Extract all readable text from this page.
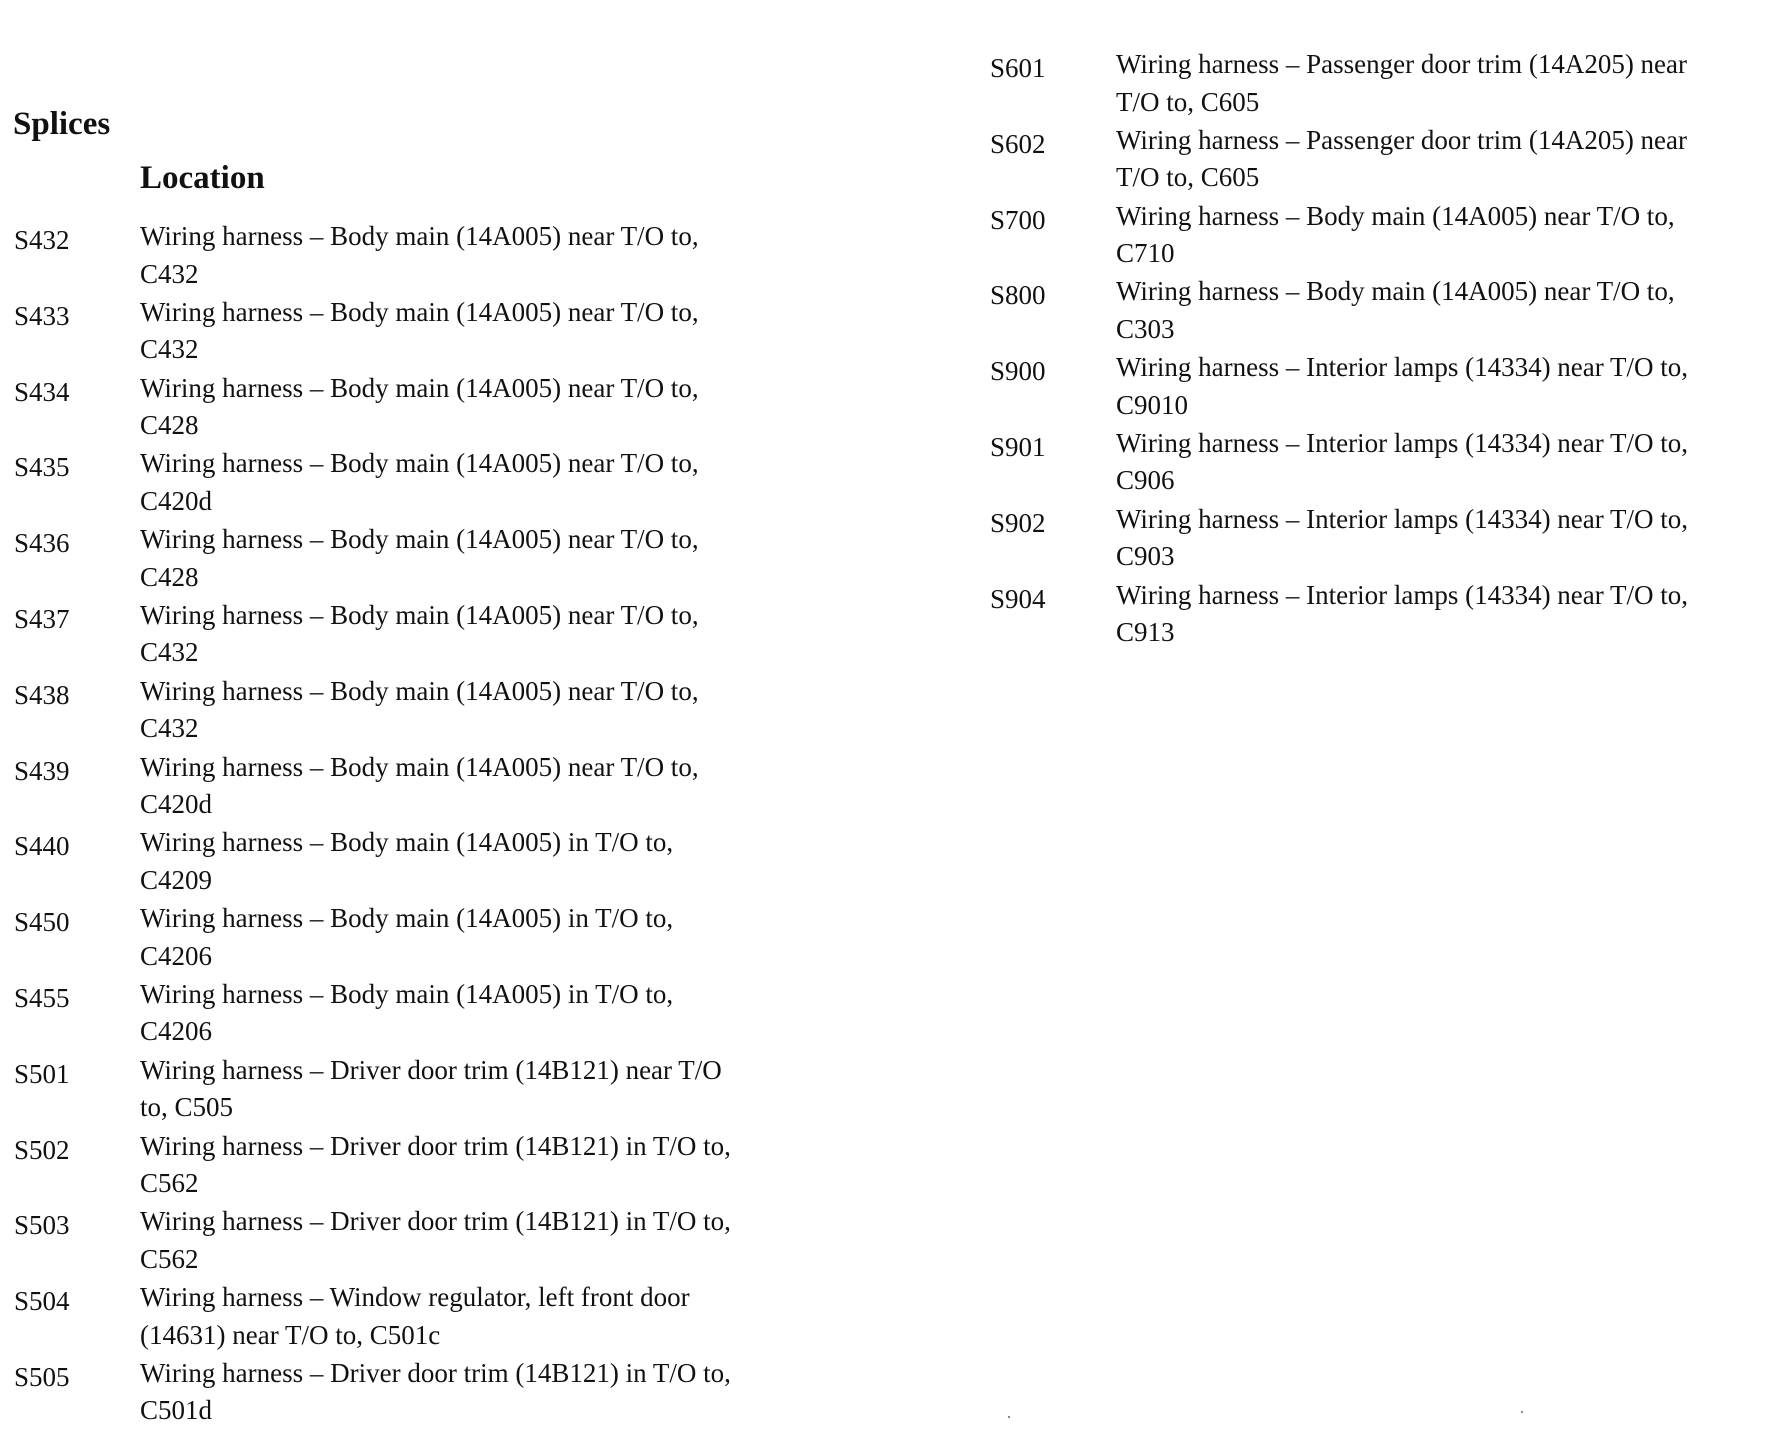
Splices
Location
S432	Wiring harness – Body main (14A005) near T/O to,
C432
S433	Wiring harness – Body main (14A005) near T/O to,
C432
S434	Wiring harness – Body main (14A005) near T/O to,
C428
S435	Wiring harness – Body main (14A005) near T/O to,
C420d
S436	Wiring harness – Body main (14A005) near T/O to,
C428
S437	Wiring harness – Body main (14A005) near T/O to,
C432
S438	Wiring harness – Body main (14A005) near T/O to,
C432
S439	Wiring harness – Body main (14A005) near T/O to,
C420d
S440	Wiring harness – Body main (14A005) in T/O to,
C4209
S450	Wiring harness – Body main (14A005) in T/O to,
C4206
S455	Wiring harness – Body main (14A005) in T/O to,
C4206
S501	Wiring harness – Driver door trim (14B121) near T/O
to, C505
S502	Wiring harness – Driver door trim (14B121) in T/O to,
C562
S503	Wiring harness – Driver door trim (14B121) in T/O to,
C562
S504	Wiring harness – Window regulator, left front door
(14631) near T/O to, C501c
S505	Wiring harness – Driver door trim (14B121) in T/O to,
C501d
S601	Wiring harness – Passenger door trim (14A205) near
T/O to, C605
S602	Wiring harness – Passenger door trim (14A205) near
T/O to, C605
S700	Wiring harness – Body main (14A005) near T/O to,
C710
S800	Wiring harness – Body main (14A005) near T/O to,
C303
S900	Wiring harness – Interior lamps (14334) near T/O to,
C9010
S901	Wiring harness – Interior lamps (14334) near T/O to,
C906
S902	Wiring harness – Interior lamps (14334) near T/O to,
C903
S904	Wiring harness – Interior lamps (14334) near T/O to,
C913
